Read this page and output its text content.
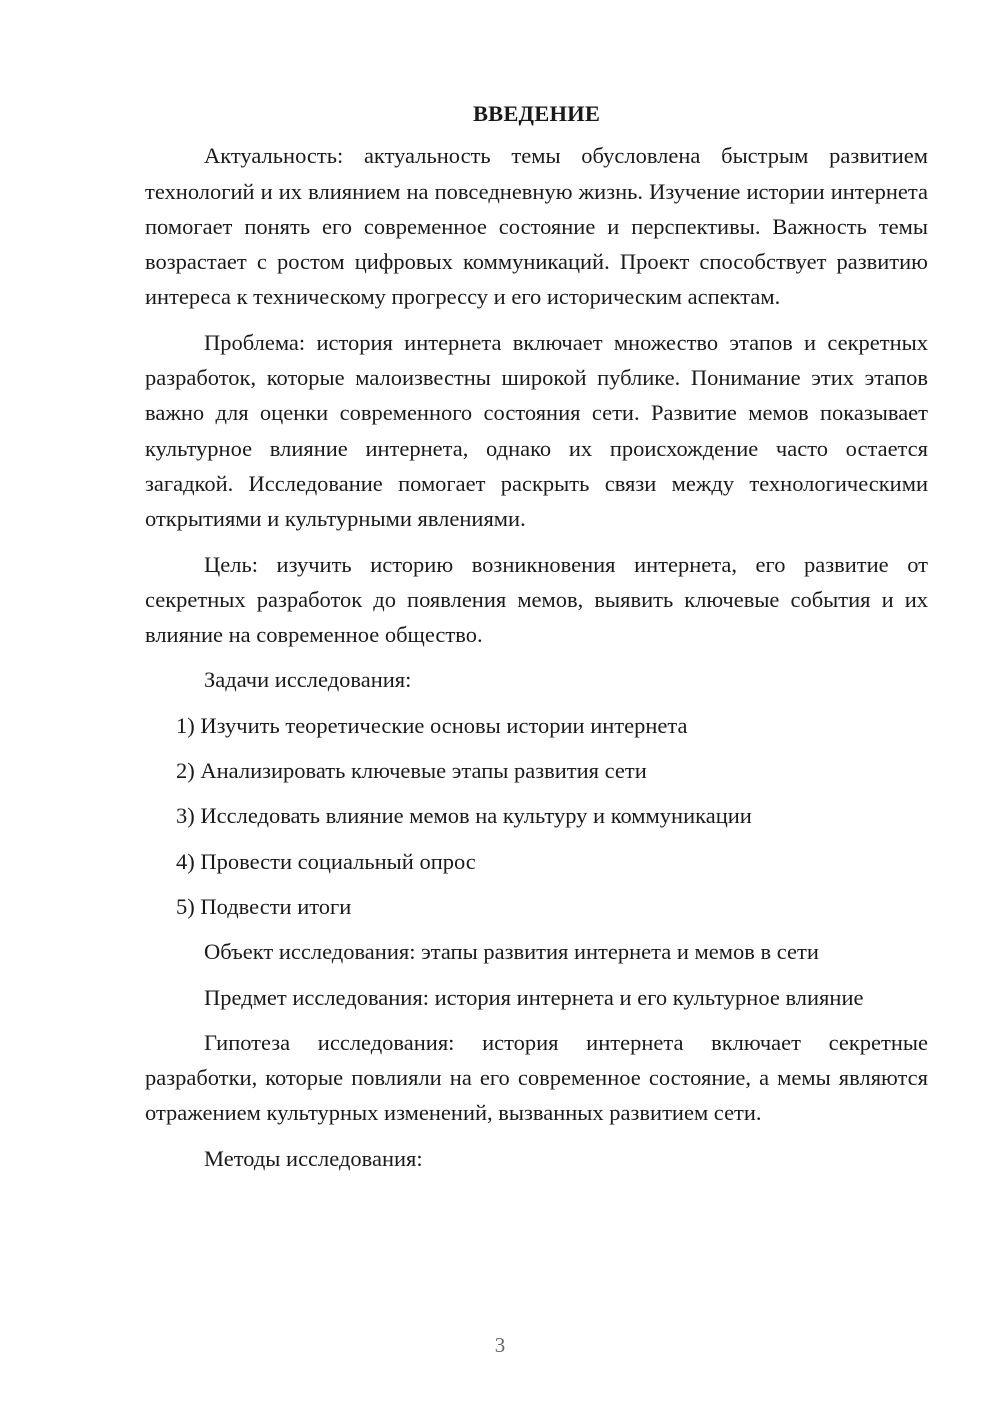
ВВЕДЕНИЕ

Актуальность: актуальность темы обусловлена быстрым развитием технологий и их влиянием на повседневную жизнь. Изучение истории интернета помогает понять его современное состояние и перспективы. Важность темы возрастает с ростом цифровых коммуникаций. Проект способствует развитию интереса к техническому прогрессу и его историческим аспектам.

Проблема: история интернета включает множество этапов и секретных разработок, которые малоизвестны широкой публике. Понимание этих этапов важно для оценки современного состояния сети. Развитие мемов показывает культурное влияние интернета, однако их происхождение часто остается загадкой. Исследование помогает раскрыть связи между технологическими открытиями и культурными явлениями.

Цель: изучить историю возникновения интернета, его развитие от секретных разработок до появления мемов, выявить ключевые события и их влияние на современное общество.

Задачи исследования:

1) Изучить теоретические основы истории интернета
2) Анализировать ключевые этапы развития сети
3) Исследовать влияние мемов на культуру и коммуникации
4) Провести социальный опрос
5) Подвести итоги

Объект исследования: этапы развития интернета и мемов в сети

Предмет исследования: история интернета и его культурное влияние

Гипотеза исследования: история интернета включает секретные разработки, которые повлияли на его современное состояние, а мемы являются отражением культурных изменений, вызванных развитием сети.

Методы исследования:

3
